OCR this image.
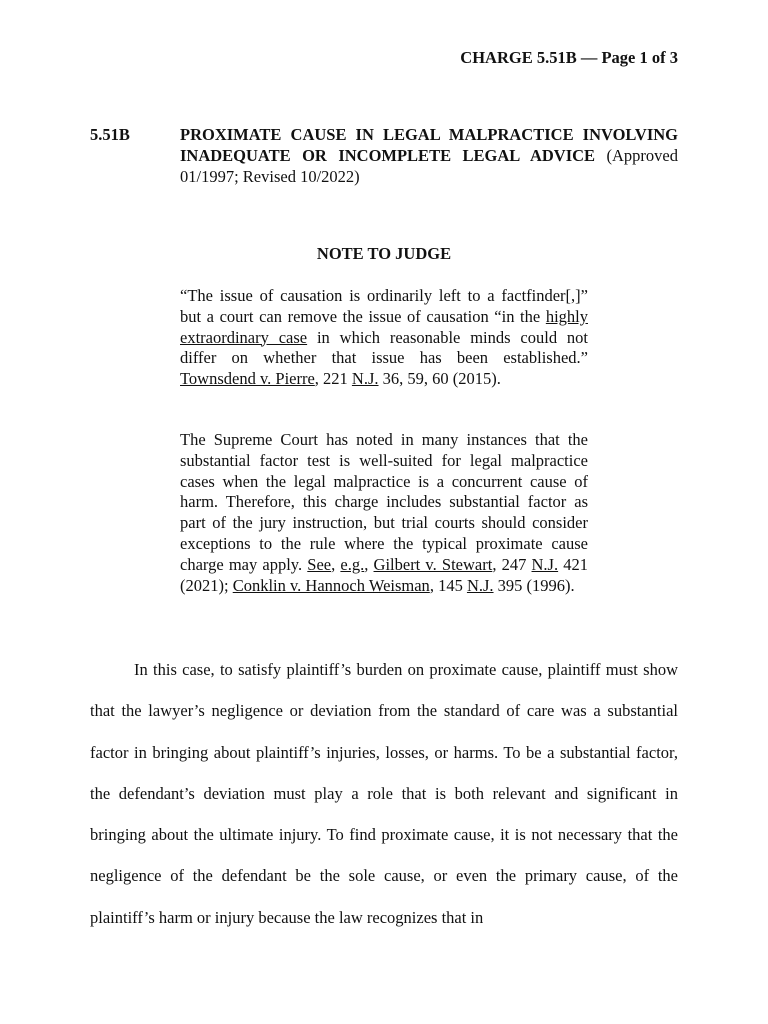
CHARGE 5.51B — Page 1 of 3
5.51B	PROXIMATE CAUSE IN LEGAL MALPRACTICE INVOLVING INADEQUATE OR INCOMPLETE LEGAL ADVICE (Approved 01/1997; Revised 10/2022)
NOTE TO JUDGE
“The issue of causation is ordinarily left to a factfinder[,]” but a court can remove the issue of causation “in the highly extraordinary case in which reasonable minds could not differ on whether that issue has been established.” Townsdend v. Pierre, 221 N.J. 36, 59, 60 (2015).
The Supreme Court has noted in many instances that the substantial factor test is well-suited for legal malpractice cases when the legal malpractice is a concurrent cause of harm. Therefore, this charge includes substantial factor as part of the jury instruction, but trial courts should consider exceptions to the rule where the typical proximate cause charge may apply. See, e.g., Gilbert v. Stewart, 247 N.J. 421 (2021); Conklin v. Hannoch Weisman, 145 N.J. 395 (1996).
In this case, to satisfy plaintiff’s burden on proximate cause, plaintiff must show that the lawyer’s negligence or deviation from the standard of care was a substantial factor in bringing about plaintiff’s injuries, losses, or harms. To be a substantial factor, the defendant’s deviation must play a role that is both relevant and significant in bringing about the ultimate injury. To find proximate cause, it is not necessary that the negligence of the defendant be the sole cause, or even the primary cause, of the plaintiff’s harm or injury because the law recognizes that in
